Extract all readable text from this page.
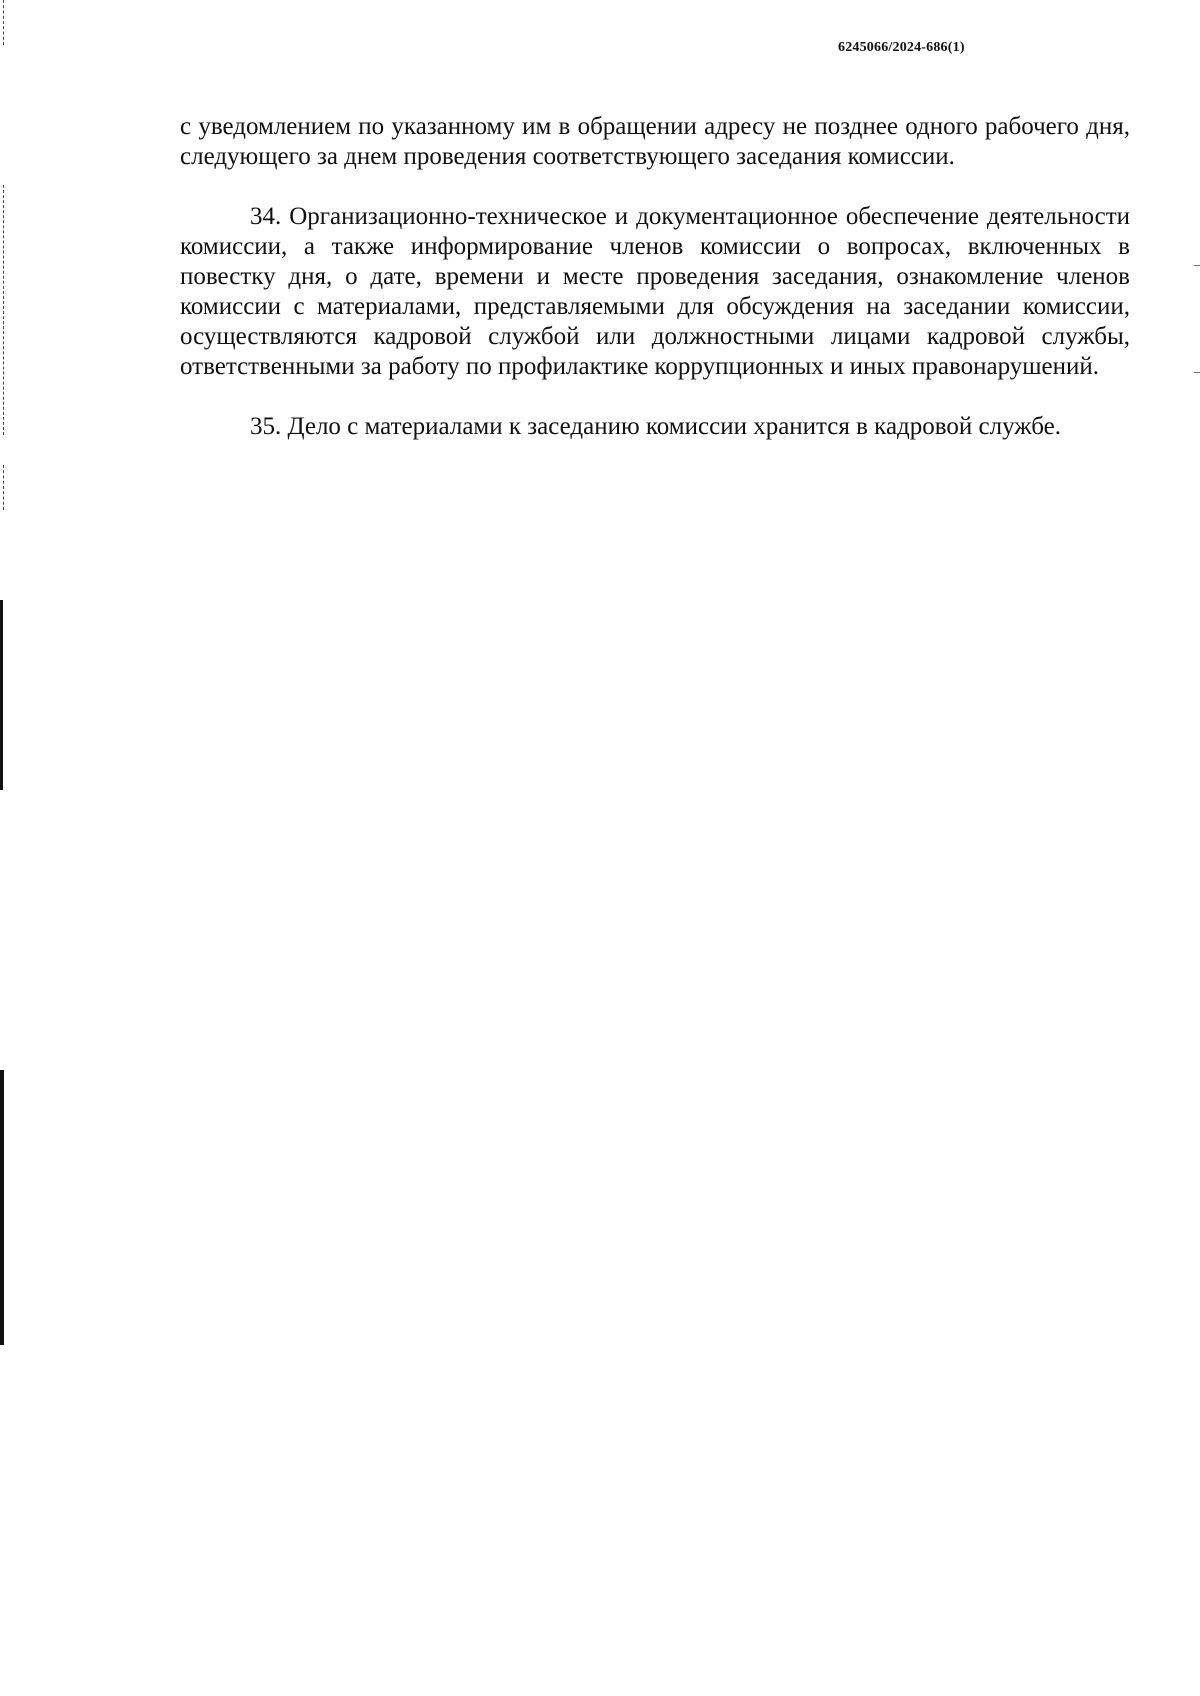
6245066/2024-686(1)

с уведомлением по указанному им в обращении адресу не позднее одного рабочего дня, следующего за днем проведения соответствующего заседания комиссии.

34. Организационно-техническое и документационное обеспечение деятельности комиссии, а также информирование членов комиссии о вопросах, включенных в повестку дня, о дате, времени и месте проведения заседания, ознакомление членов комиссии с материалами, представляемыми для обсуждения на заседании комиссии, осуществляются кадровой службой или должностными лицами кадровой службы, ответственными за работу по профилактике коррупционных и иных правонарушений.

35. Дело с материалами к заседанию комиссии хранится в кадровой службе.
